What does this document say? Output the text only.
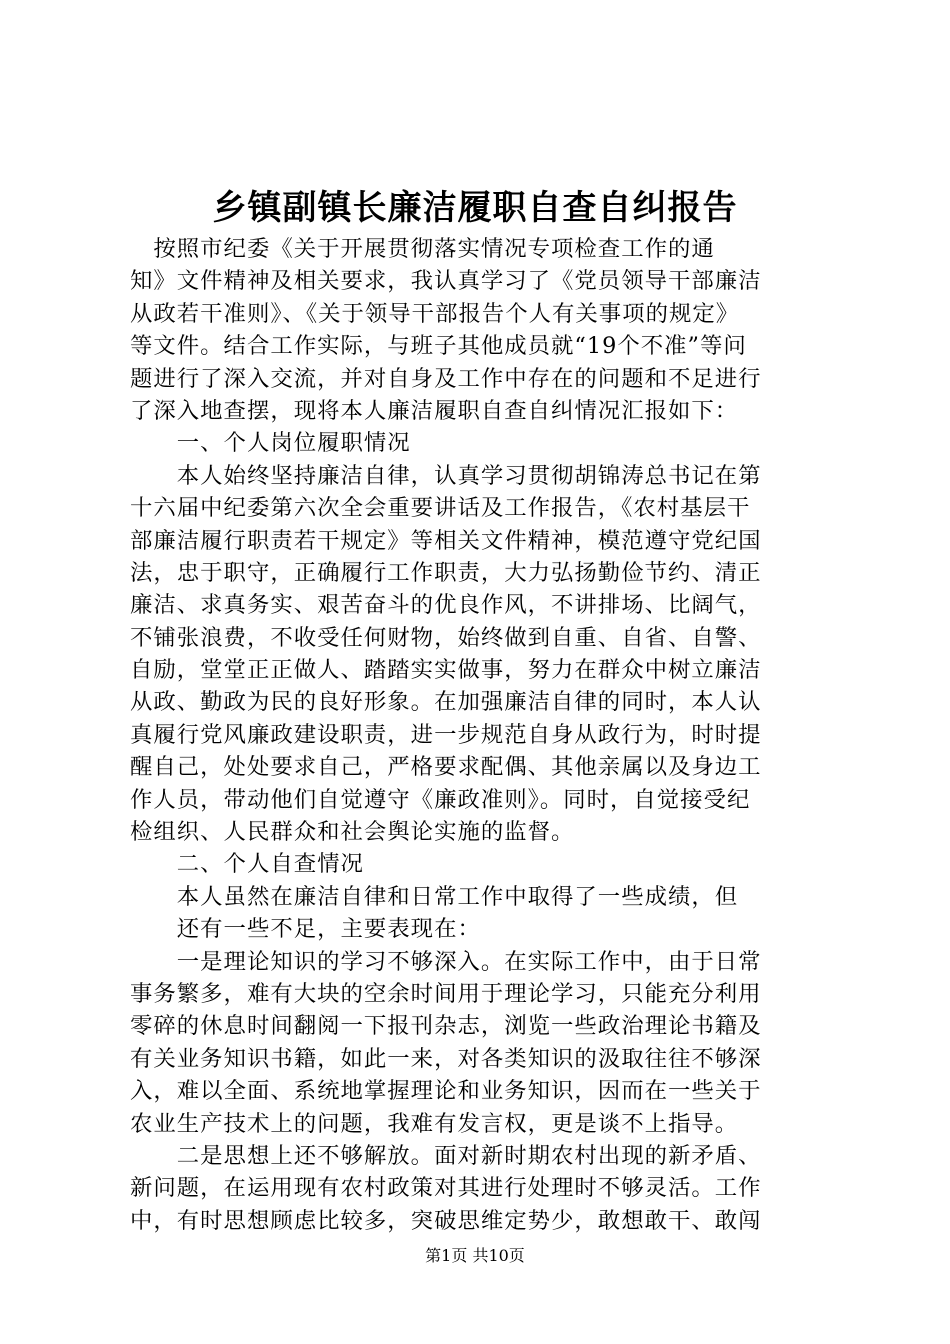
乡镇副镇长廉洁履职自查自纠报告
　按照市纪委《关于开展贯彻落实情况专项检查工作的通
知》文件精神及相关要求，我认真学习了《党员领导干部廉洁
从政若干准则》、《关于领导干部报告个人有关事项的规定》
等文件。结合工作实际，与班子其他成员就“19个不准”等问
题进行了深入交流，并对自身及工作中存在的问题和不足进行
了深入地查摆，现将本人廉洁履职自查自纠情况汇报如下：
　　一、个人岗位履职情况
　　本人始终坚持廉洁自律，认真学习贯彻胡锦涛总书记在第
十六届中纪委第六次全会重要讲话及工作报告，《农村基层干
部廉洁履行职责若干规定》等相关文件精神，模范遵守党纪国
法，忠于职守，正确履行工作职责，大力弘扬勤俭节约、清正
廉洁、求真务实、艰苦奋斗的优良作风，不讲排场、比阔气，
不铺张浪费，不收受任何财物，始终做到自重、自省、自警、
自励，堂堂正正做人、踏踏实实做事，努力在群众中树立廉洁
从政、勤政为民的良好形象。在加强廉洁自律的同时，本人认
真履行党风廉政建设职责，进一步规范自身从政行为，时时提
醒自己，处处要求自己，严格要求配偶、其他亲属以及身边工
作人员，带动他们自觉遵守《廉政准则》。同时，自觉接受纪
检组织、人民群众和社会舆论实施的监督。
　　二、个人自查情况
　　本人虽然在廉洁自律和日常工作中取得了一些成绩，但
　　还有一些不足，主要表现在：
　　一是理论知识的学习不够深入。在实际工作中，由于日常
事务繁多，难有大块的空余时间用于理论学习，只能充分利用
零碎的休息时间翻阅一下报刊杂志，浏览一些政治理论书籍及
有关业务知识书籍，如此一来，对各类知识的汲取往往不够深
入，难以全面、系统地掌握理论和业务知识，因而在一些关于
农业生产技术上的问题，我难有发言权，更是谈不上指导。
　　二是思想上还不够解放。面对新时期农村出现的新矛盾、
新问题，在运用现有农村政策对其进行处理时不够灵活。工作
中，有时思想顾虑比较多，突破思维定势少，敢想敢干、敢闯
第1页 共10页
